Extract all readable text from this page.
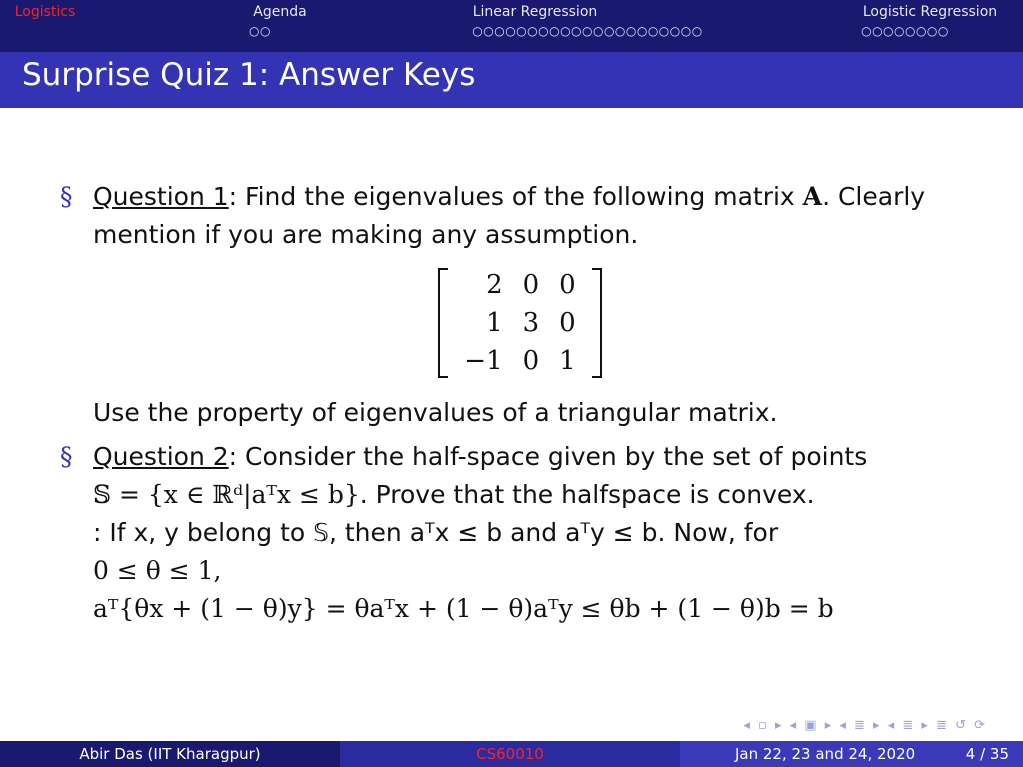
Logistics	Agenda
○○
Linear Regression
○○○○○○○○○○○○○○○○○○○○○
Logistic Regression
○○○○○○○○
Surprise Quiz 1: Answer Keys
§ Question 1: Find the eigenvalues of the following matrix A. Clearly mention if you are making any assumption.
2	0	0
1	3	0
−1	0	1
Use the property of eigenvalues of a triangular matrix.
§ Question 2: Consider the half-space given by the set of points
𝕊 = {x ∈ ℝᵈ|aᵀx ≤ b}. Prove that the halfspace is convex.
: If x, y belong to 𝕊, then aᵀx ≤ b and aᵀy ≤ b. Now, for
0 ≤ θ ≤ 1,
aᵀ{θx + (1 − θ)y} = θaᵀx + (1 − θ)aᵀy ≤ θb + (1 − θ)b = b
◂ ▫ ▸ ◂ ▣ ▸ ◂ ≣ ▸ ◂ ≣ ▸ ≣ ↺ ⟳
Abir Das (IIT Kharagpur)	CS60010	Jan 22, 23 and 24, 2020	4 / 35
